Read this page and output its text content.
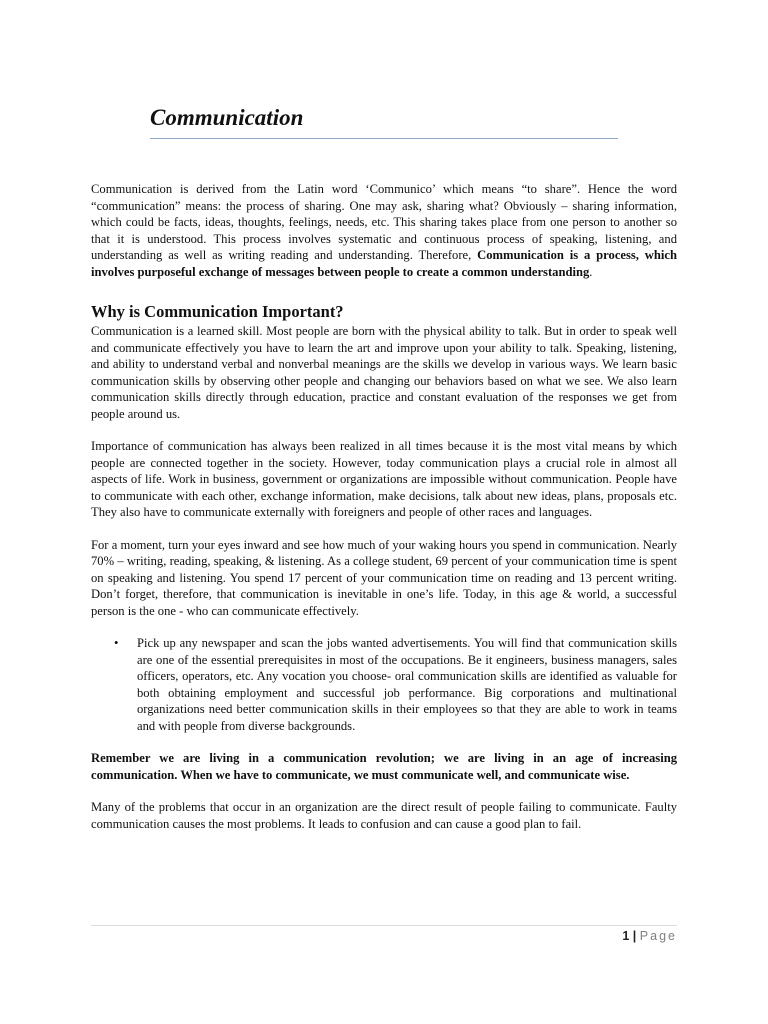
Communication

Communication is derived from the Latin word ‘Communico’ which means “to share”. Hence the word “communication” means: the process of sharing. One may ask, sharing what? Obviously – sharing information, which could be facts, ideas, thoughts, feelings, needs, etc. This sharing takes place from one person to another so that it is understood. This process involves systematic and continuous process of speaking, listening, and understanding as well as writing reading and understanding. Therefore, Communication is a process, which involves purposeful exchange of messages between people to create a common understanding.

Why is Communication Important?

Communication is a learned skill. Most people are born with the physical ability to talk. But in order to speak well and communicate effectively you have to learn the art and improve upon your ability to talk. Speaking, listening, and ability to understand verbal and nonverbal meanings are the skills we develop in various ways. We learn basic communication skills by observing other people and changing our behaviors based on what we see. We also learn communication skills directly through education, practice and constant evaluation of the responses we get from people around us.

Importance of communication has always been realized in all times because it is the most vital means by which people are connected together in the society. However, today communication plays a crucial role in almost all aspects of life. Work in business, government or organizations are impossible without communication. People have to communicate with each other, exchange information, make decisions, talk about new ideas, plans, proposals etc. They also have to communicate externally with foreigners and people of other races and languages.

For a moment, turn your eyes inward and see how much of your waking hours you spend in communication. Nearly 70% – writing, reading, speaking, & listening. As a college student, 69 percent of your communication time is spent on speaking and listening. You spend 17 percent of your communication time on reading and 13 percent writing. Don’t forget, therefore, that communication is inevitable in one’s life. Today, in this age & world, a successful person is the one - who can communicate effectively.

• Pick up any newspaper and scan the jobs wanted advertisements. You will find that communication skills are one of the essential prerequisites in most of the occupations. Be it engineers, business managers, sales officers, operators, etc. Any vocation you choose- oral communication skills are identified as valuable for both obtaining employment and successful job performance. Big corporations and multinational organizations need better communication skills in their employees so that they are able to work in teams and with people from diverse backgrounds.

Remember we are living in a communication revolution; we are living in an age of increasing communication. When we have to communicate, we must communicate well, and communicate wise.

Many of the problems that occur in an organization are the direct result of people failing to communicate. Faulty communication causes the most problems. It leads to confusion and can cause a good plan to fail.

1 | Page
